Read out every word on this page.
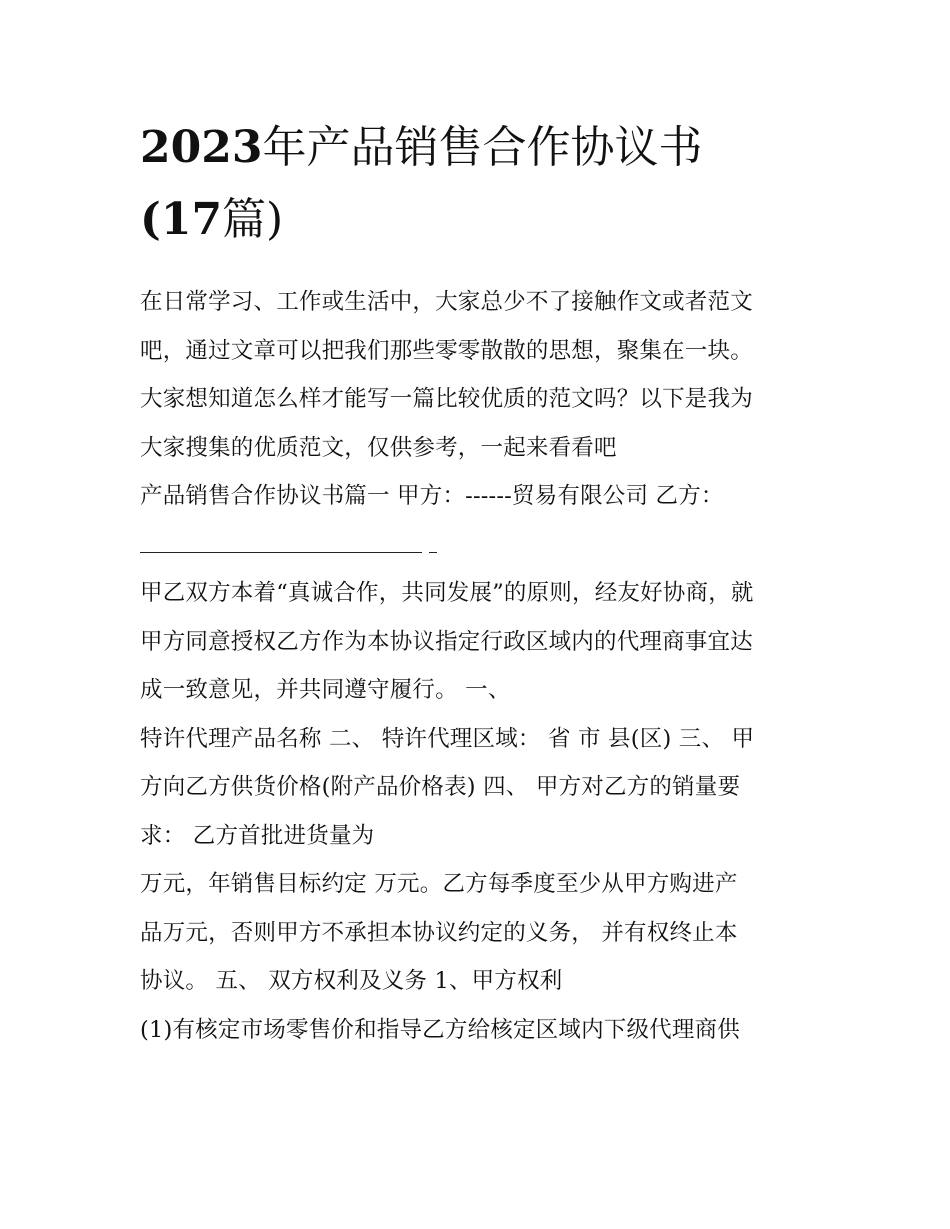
2023年产品销售合作协议书
(17篇)

在日常学习、工作或生活中，大家总少不了接触作文或者范文
吧，通过文章可以把我们那些零零散散的思想，聚集在一块。
大家想知道怎么样才能写一篇比较优质的范文吗？以下是我为
大家搜集的优质范文，仅供参考，一起来看看吧

产品销售合作协议书篇一 甲方：------贸易有限公司 乙方：

甲乙双方本着“真诚合作，共同发展”的原则，经友好协商，就
甲方同意授权乙方作为本协议指定行政区域内的代理商事宜达
成一致意见，并共同遵守履行。 一、

特许代理产品名称 二、 特许代理区域： 省 市 县(区) 三、 甲
方向乙方供货价格(附产品价格表) 四、 甲方对乙方的销量要
求： 乙方首批进货量为

万元，年销售目标约定 万元。乙方每季度至少从甲方购进产
品万元，否则甲方不承担本协议约定的义务， 并有权终止本
协议。 五、 双方权利及义务 1、甲方权利

(1)有核定市场零售价和指导乙方给核定区域内下级代理商供
